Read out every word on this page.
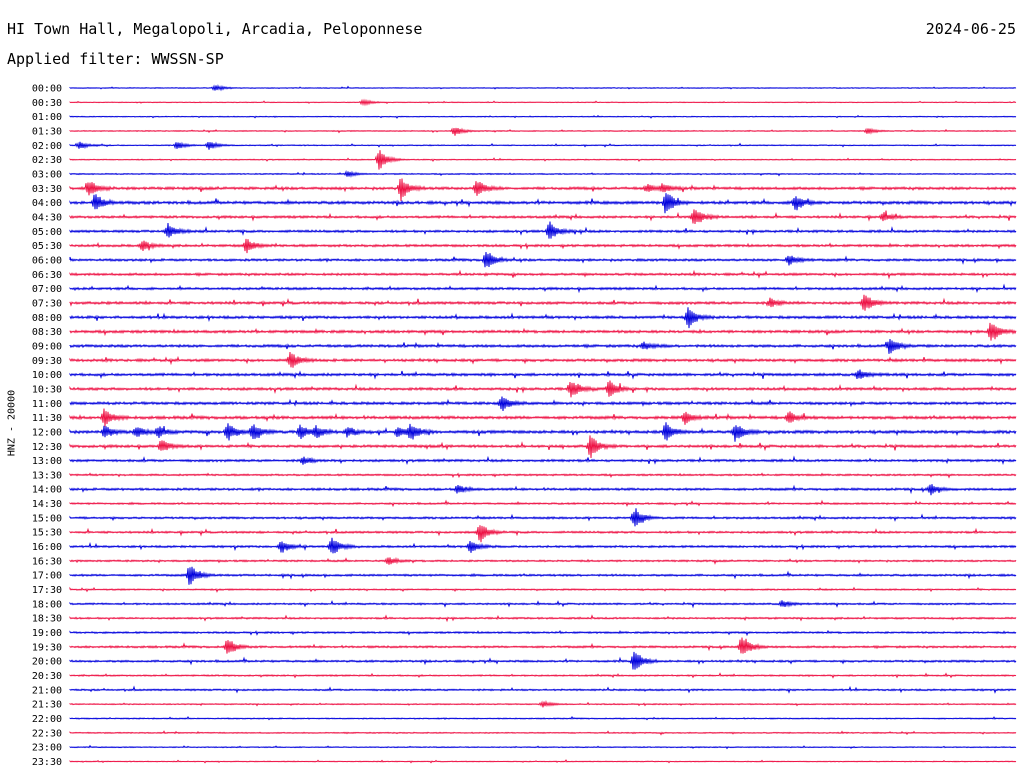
HI Town Hall, Megalopoli, Arcadia, Peloponnese	2024-06-25
Applied filter: WWSSN-SP
HNZ - 20000
00:00
00:30
01:00
01:30
02:00
02:30
03:00
03:30
04:00
04:30
05:00
05:30
06:00
06:30
07:00
07:30
08:00
08:30
09:00
09:30
10:00
10:30
11:00
11:30
12:00
12:30
13:00
13:30
14:00
14:30
15:00
15:30
16:00
16:30
17:00
17:30
18:00
18:30
19:00
19:30
20:00
20:30
21:00
21:30
22:00
22:30
23:00
23:30
